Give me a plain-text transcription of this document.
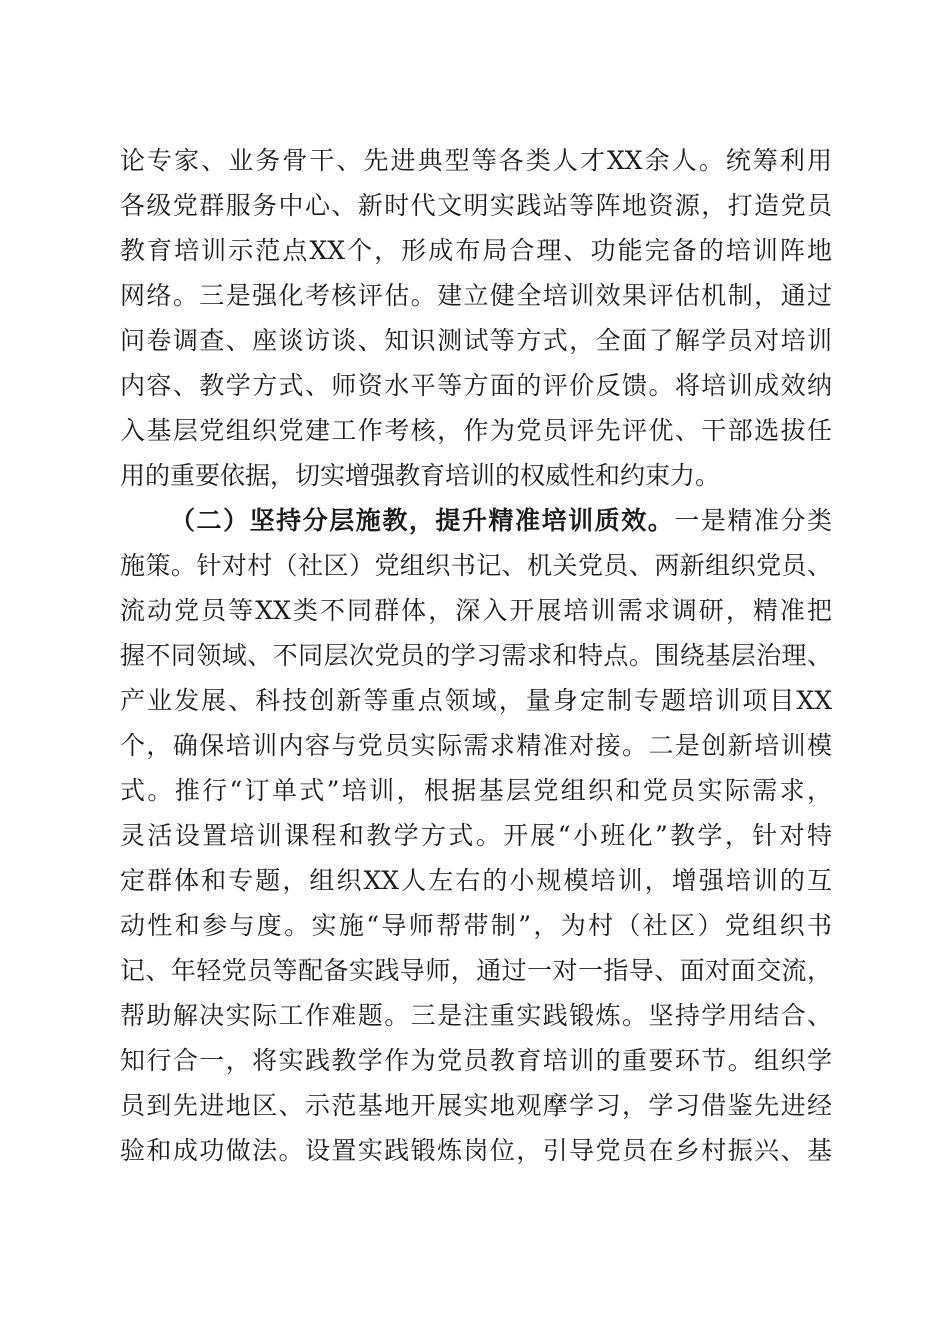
论专家、业务骨干、先进典型等各类人才XX余人。统筹利用
各级党群服务中心、新时代文明实践站等阵地资源，打造党员
教育培训示范点XX个，形成布局合理、功能完备的培训阵地
网络。三是强化考核评估。建立健全培训效果评估机制，通过
问卷调查、座谈访谈、知识测试等方式，全面了解学员对培训
内容、教学方式、师资水平等方面的评价反馈。将培训成效纳
入基层党组织党建工作考核，作为党员评先评优、干部选拔任
用的重要依据，切实增强教育培训的权威性和约束力。
（二）坚持分层施教，提升精准培训质效。一是精准分类
施策。针对村（社区）党组织书记、机关党员、两新组织党员、
流动党员等XX类不同群体，深入开展培训需求调研，精准把
握不同领域、不同层次党员的学习需求和特点。围绕基层治理、
产业发展、科技创新等重点领域，量身定制专题培训项目XX
个，确保培训内容与党员实际需求精准对接。二是创新培训模
式。推行“订单式”培训，根据基层党组织和党员实际需求，
灵活设置培训课程和教学方式。开展“小班化”教学，针对特
定群体和专题，组织XX人左右的小规模培训，增强培训的互
动性和参与度。实施“导师帮带制”，为村（社区）党组织书
记、年轻党员等配备实践导师，通过一对一指导、面对面交流，
帮助解决实际工作难题。三是注重实践锻炼。坚持学用结合、
知行合一，将实践教学作为党员教育培训的重要环节。组织学
员到先进地区、示范基地开展实地观摩学习，学习借鉴先进经
验和成功做法。设置实践锻炼岗位，引导党员在乡村振兴、基
